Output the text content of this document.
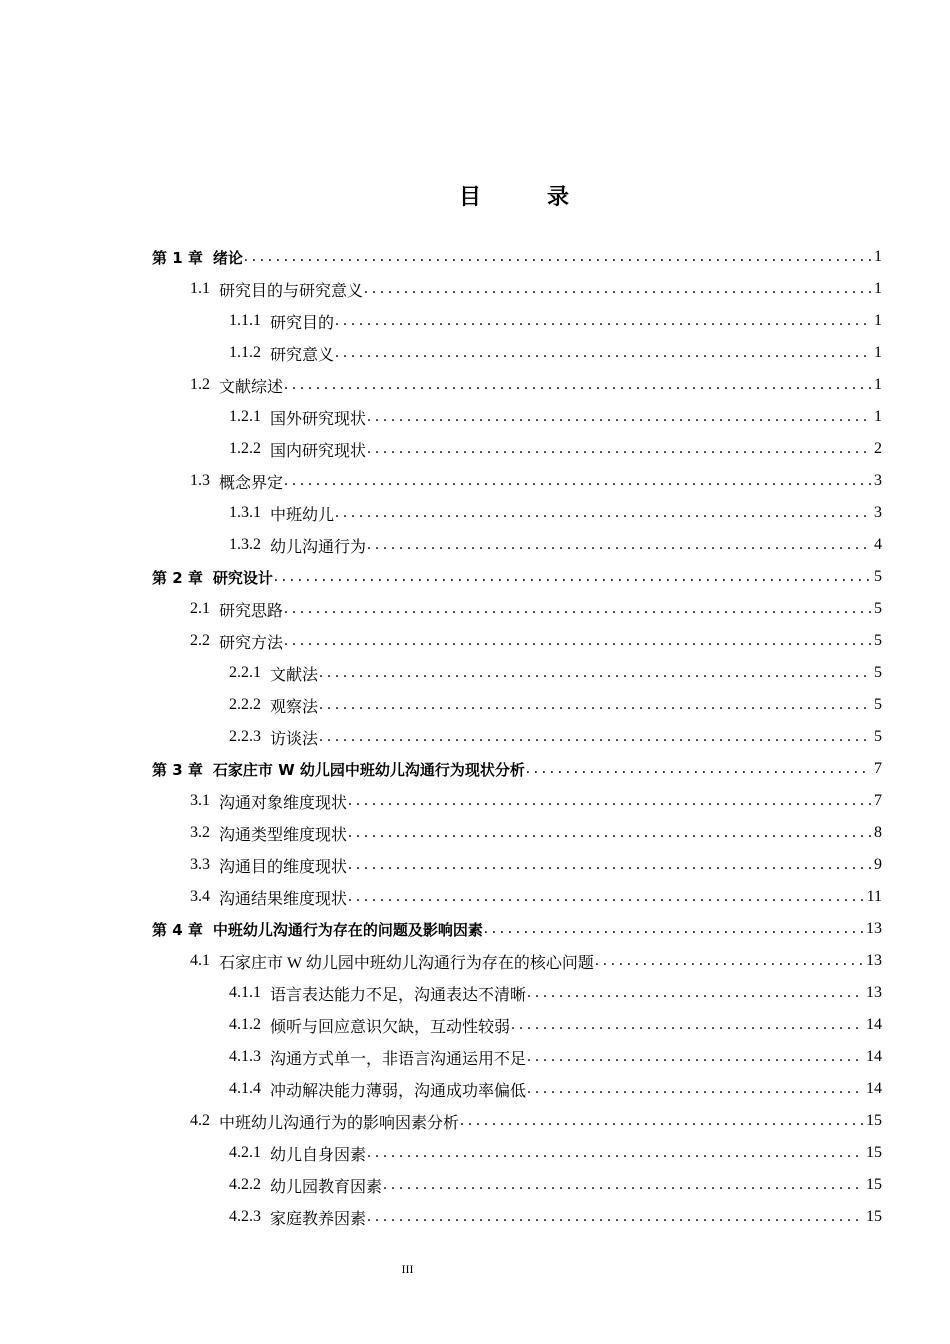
目　录
第 1 章 绪论 . . .	1
1.1 研究目的与研究意义 . . .	1
1.1.1 研究目的 . . .	1
1.1.2 研究意义 . . .	1
1.2 文献综述 . . .	1
1.2.1 国外研究现状 . . .	1
1.2.2 国内研究现状 . . .	2
1.3 概念界定 . . .	3
1.3.1 中班幼儿 . . .	3
1.3.2 幼儿沟通行为 . . .	4
第 2 章 研究设计 . . .	5
2.1 研究思路 . . .	5
2.2 研究方法 . . .	5
2.2.1 文献法 . . .	5
2.2.2 观察法 . . .	5
2.2.3 访谈法 . . .	5
第 3 章 石家庄市 W 幼儿园中班幼儿沟通行为现状分析 . . .	7
3.1 沟通对象维度现状 . . .	7
3.2 沟通类型维度现状 . . .	8
3.3 沟通目的维度现状 . . .	9
3.4 沟通结果维度现状 . . .	11
第 4 章 中班幼儿沟通行为存在的问题及影响因素 . . .	13
4.1 石家庄市 W 幼儿园中班幼儿沟通行为存在的核心问题 . . .	13
4.1.1 语言表达能力不足，沟通表达不清晰 . . .	13
4.1.2 倾听与回应意识欠缺，互动性较弱 . . .	14
4.1.3 沟通方式单一，非语言沟通运用不足 . . .	14
4.1.4 冲动解决能力薄弱，沟通成功率偏低 . . .	14
4.2 中班幼儿沟通行为的影响因素分析 . . .	15
4.2.1 幼儿自身因素 . . .	15
4.2.2 幼儿园教育因素 . . .	15
4.2.3 家庭教养因素 . . .	15
III
